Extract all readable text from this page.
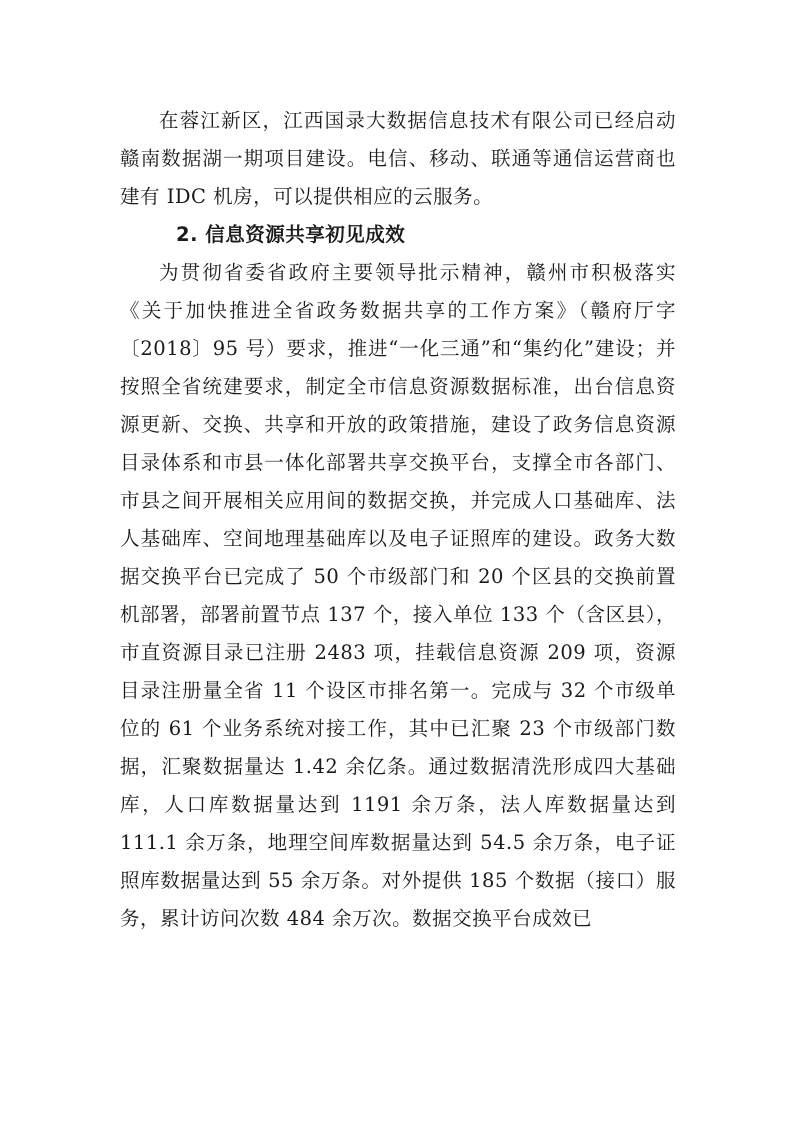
在蓉江新区，江西国录大数据信息技术有限公司已经启动赣南数据湖一期项目建设。电信、移动、联通等通信运营商也建有 IDC 机房，可以提供相应的云服务。

2. 信息资源共享初见成效

为贯彻省委省政府主要领导批示精神，赣州市积极落实《关于加快推进全省政务数据共享的工作方案》（赣府厅字〔2018〕95 号）要求，推进“一化三通”和“集约化”建设；并按照全省统建要求，制定全市信息资源数据标准，出台信息资源更新、交换、共享和开放的政策措施，建设了政务信息资源目录体系和市县一体化部署共享交换平台，支撑全市各部门、市县之间开展相关应用间的数据交换，并完成人口基础库、法人基础库、空间地理基础库以及电子证照库的建设。政务大数据交换平台已完成了 50 个市级部门和 20 个区县的交换前置机部署，部署前置节点 137 个，接入单位 133 个（含区县），市直资源目录已注册 2483 项，挂载信息资源 209 项，资源目录注册量全省 11 个设区市排名第一。完成与 32 个市级单位的 61 个业务系统对接工作，其中已汇聚 23 个市级部门数据，汇聚数据量达 1.42 余亿条。通过数据清洗形成四大基础库，人口库数据量达到 1191 余万条，法人库数据量达到 111.1 余万条，地理空间库数据量达到 54.5 余万条，电子证照库数据量达到 55 余万条。对外提供 185 个数据（接口）服务，累计访问次数 484 余万次。数据交换平台成效已
